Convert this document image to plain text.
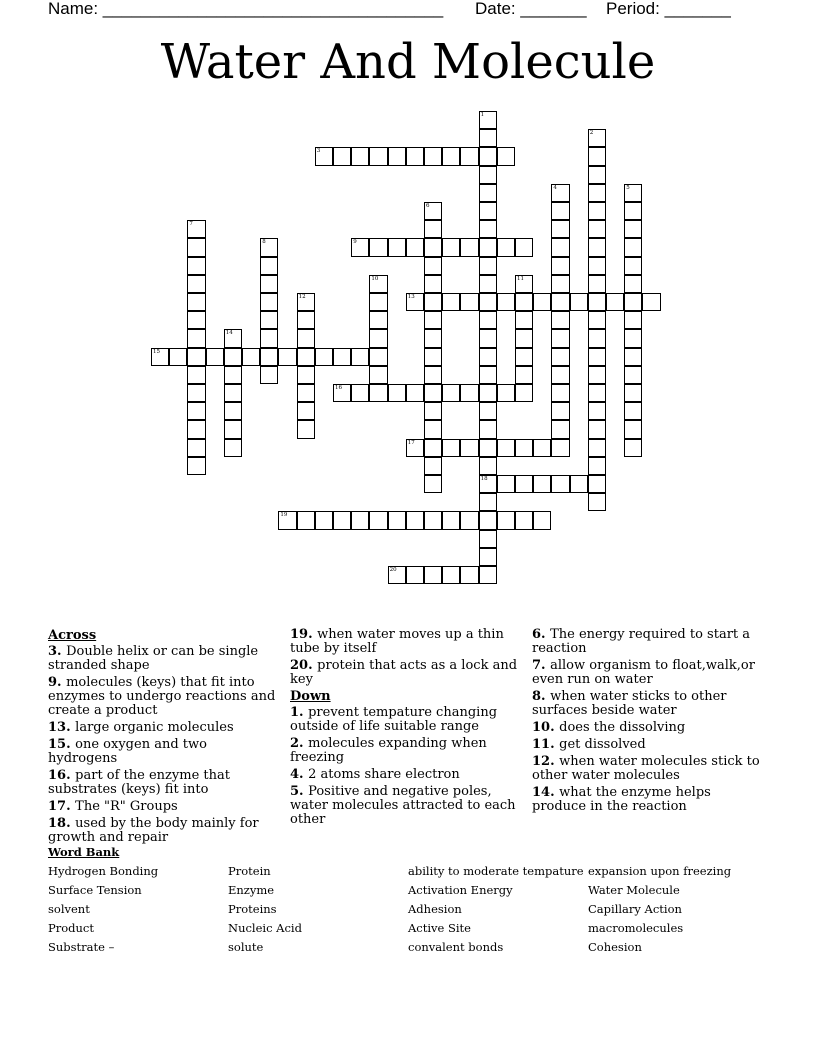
Name: ____________________________________ Date: _______ Period: _______
Water And Molecule
1
18
2
3
4	5
6
7
8	9
10	11
12	13
14
15
16
17
19
20
Across
3. Double helix or can be single stranded shape
9. molecules (keys) that fit into enzymes to undergo reactions and create a product
13. large organic molecules
15. one oxygen and two hydrogens
16. part of the enzyme that substrates (keys) fit into
17. The "R" Groups
18. used by the body mainly for growth and repair
19. when water moves up a thin tube by itself
20. protein that acts as a lock and key
Down
1. prevent tempature changing outside of life suitable range
2. molecules expanding when freezing
4. 2 atoms share electron
5. Positive and negative poles, water molecules attracted to each other
6. The energy required to start a reaction
7. allow organism to float,walk,or even run on water
8. when water sticks to other surfaces beside water
10. does the dissolving
11. get dissolved
12. when water molecules stick to other water molecules
14. what the enzyme helps produce in the reaction
Word Bank
Hydrogen Bonding
Surface Tension
solvent
Product
Substrate –
Protein
Enzyme
Proteins
Nucleic Acid
solute
ability to moderate tempature
Activation Energy
Adhesion
Active Site
convalent bonds
expansion upon freezing
Water Molecule
Capillary Action
macromolecules
Cohesion
